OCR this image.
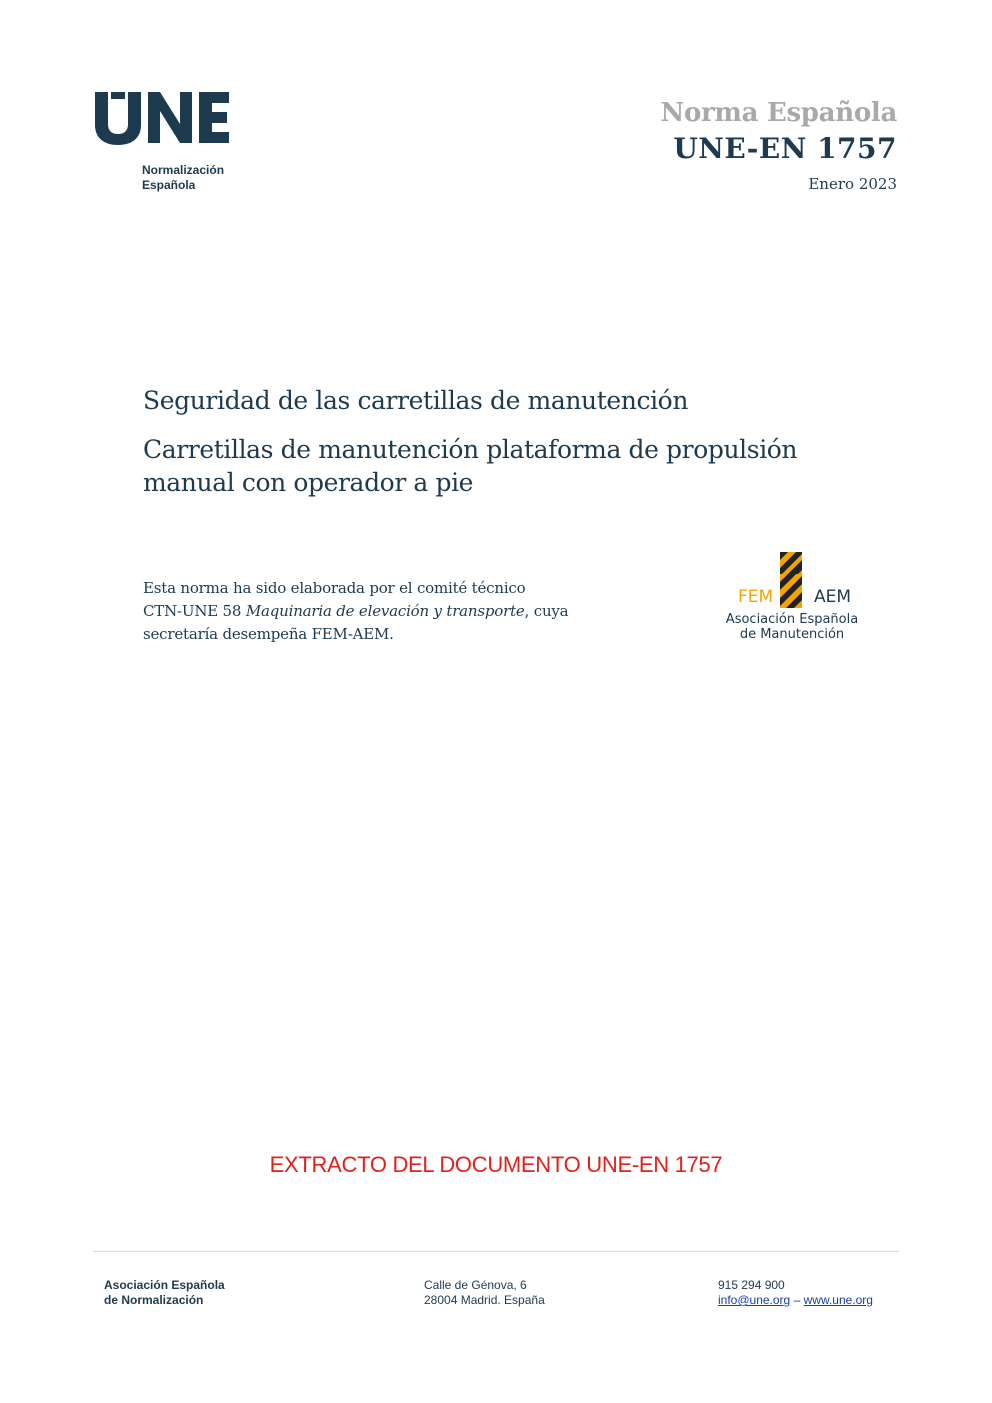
Normalización
Española
Norma Española
UNE-EN 1757
Enero 2023
Seguridad de las carretillas de manutención
Carretillas de manutención plataforma de propulsión
manual con operador a pie
Esta norma ha sido elaborada por el comité técnico
CTN-UNE 58 Maquinaria de elevación y transporte, cuya
secretaría desempeña FEM-AEM.
FEM AEM
Asociación Española
de Manutención
EXTRACTO DEL DOCUMENTO UNE-EN 1757
Asociación Española
de Normalización
Calle de Génova, 6
28004 Madrid. España
915 294 900
info@une.org – www.une.org
